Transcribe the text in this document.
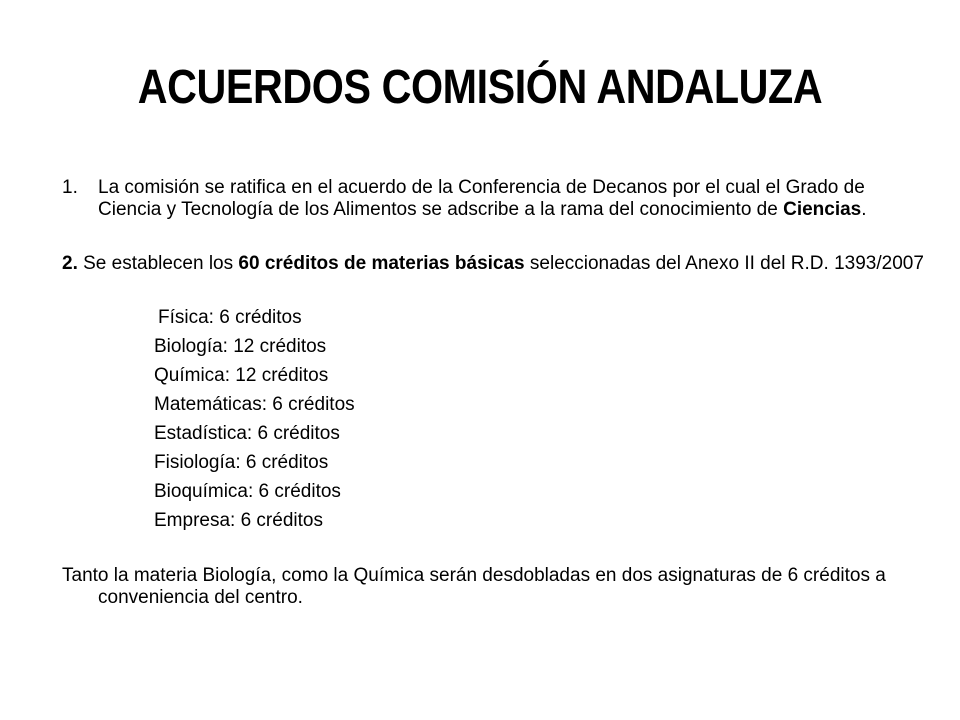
ACUERDOS COMISIÓN ANDALUZA
1. La comisión se ratifica en el acuerdo de la Conferencia de Decanos por el cual el Grado de Ciencia y Tecnología de los Alimentos se adscribe a la rama del conocimiento de Ciencias.
2. Se establecen los 60 créditos de materias básicas seleccionadas del Anexo II del R.D. 1393/2007
Física: 6 créditos
Biología: 12 créditos
Química: 12 créditos
Matemáticas: 6 créditos
Estadística: 6 créditos
Fisiología: 6 créditos
Bioquímica: 6 créditos
Empresa: 6 créditos
Tanto la materia Biología, como la Química serán desdobladas en dos asignaturas de 6 créditos a conveniencia del centro.
